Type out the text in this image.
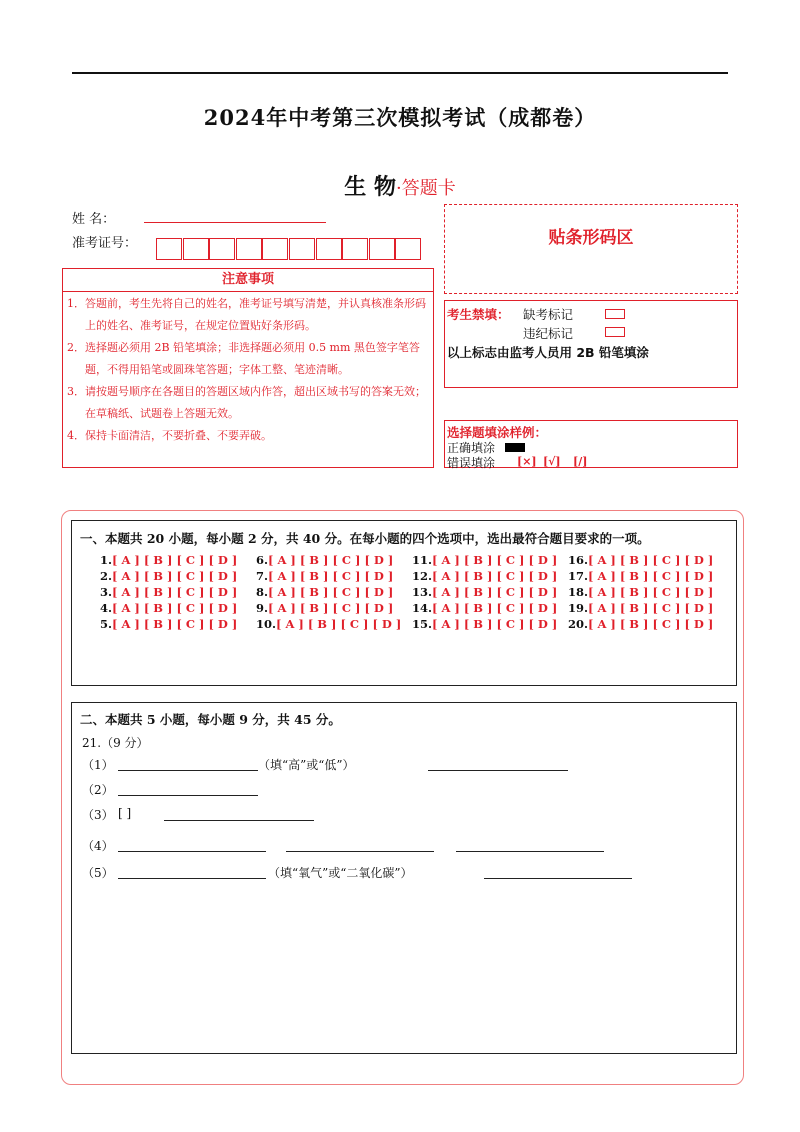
2024年中考第三次模拟考试（成都卷）
生 物·答题卡
姓 名：
准考证号：
注意事项
1．答题前，考生先将自己的姓名，准考证号填写清楚，并认真核准条形码上的姓名、准考证号，在规定位置贴好条形码。
2．选择题必须用 2B 铅笔填涂；非选择题必须用 0.5 mm 黑色签字笔答题，不得用铅笔或圆珠笔答题；字体工整、笔迹清晰。
3．请按题号顺序在各题目的答题区域内作答，超出区域书写的答案无效；在草稿纸、试题卷上答题无效。
4．保持卡面清洁，不要折叠、不要弄破。
贴条形码区
考生禁填： 缺考标记
违纪标记
以上标志由监考人员用 2B 铅笔填涂
选择题填涂样例：
正确填涂
错误填涂 [×] [√] [/]
一、本题共 20 小题，每小题 2 分，共 40 分。在每小题的四个选项中，选出最符合题目要求的一项。
1.[ A ] [ B ] [ C ] [ D ]
2.[ A ] [ B ] [ C ] [ D ]
3.[ A ] [ B ] [ C ] [ D ]
4.[ A ] [ B ] [ C ] [ D ]
5.[ A ] [ B ] [ C ] [ D ]
6.[ A ] [ B ] [ C ] [ D ]
7.[ A ] [ B ] [ C ] [ D ]
8.[ A ] [ B ] [ C ] [ D ]
9.[ A ] [ B ] [ C ] [ D ]
10.[ A ] [ B ] [ C ] [ D ]
11.[ A ] [ B ] [ C ] [ D ]
12.[ A ] [ B ] [ C ] [ D ]
13.[ A ] [ B ] [ C ] [ D ]
14.[ A ] [ B ] [ C ] [ D ]
15.[ A ] [ B ] [ C ] [ D ]
16.[ A ] [ B ] [ C ] [ D ]
17.[ A ] [ B ] [ C ] [ D ]
18.[ A ] [ B ] [ C ] [ D ]
19.[ A ] [ B ] [ C ] [ D ]
20.[ A ] [ B ] [ C ] [ D ]
二、本题共 5 小题，每小题 9 分，共 45 分。
21.（9 分）
（1）	（填“高”或“低”）
（2）
（3） [ ]
（4）
（5）	（填“氧气”或“二氧化碳”）
